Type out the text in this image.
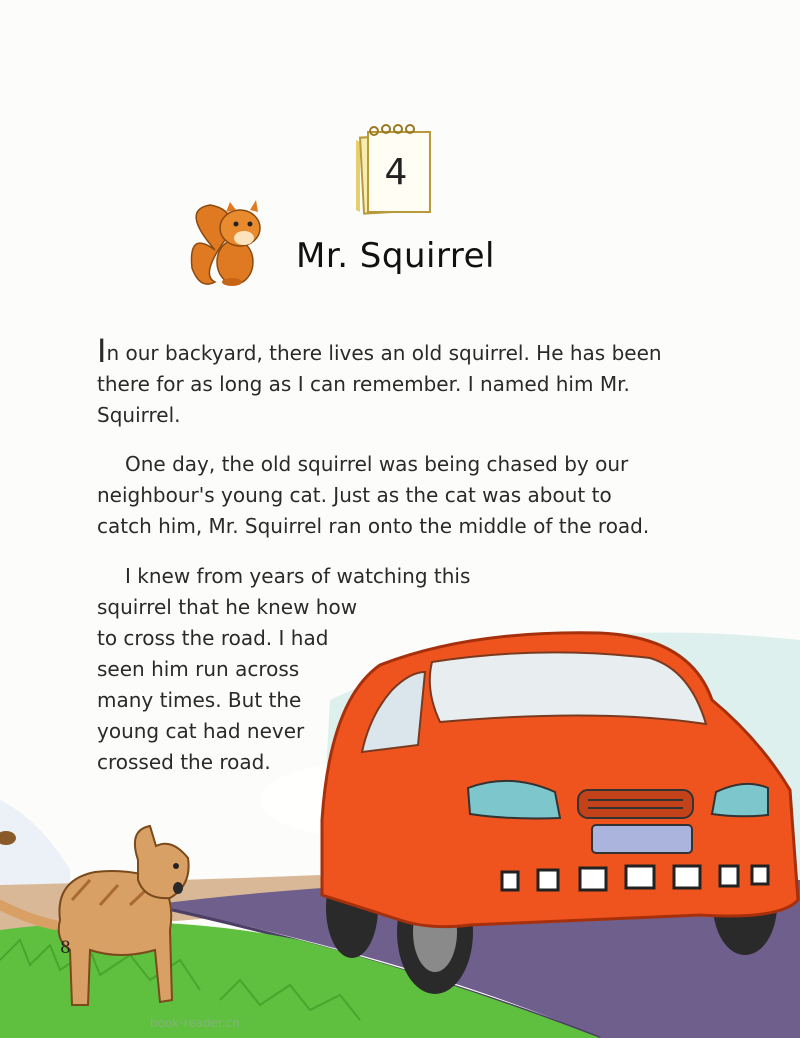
4
Mr. Squirrel
In our backyard, there lives an old squirrel. He has been
there for as long as I can remember. I named him Mr.
Squirrel.
One day, the old squirrel was being chased by our
neighbour's young cat. Just as the cat was about to
catch him, Mr. Squirrel ran onto the middle of the road.
I knew from years of watching this
squirrel that he knew how
to cross the road. I had
seen him run across
many times. But the
young cat had never
crossed the road.
8
book-reader.cn
